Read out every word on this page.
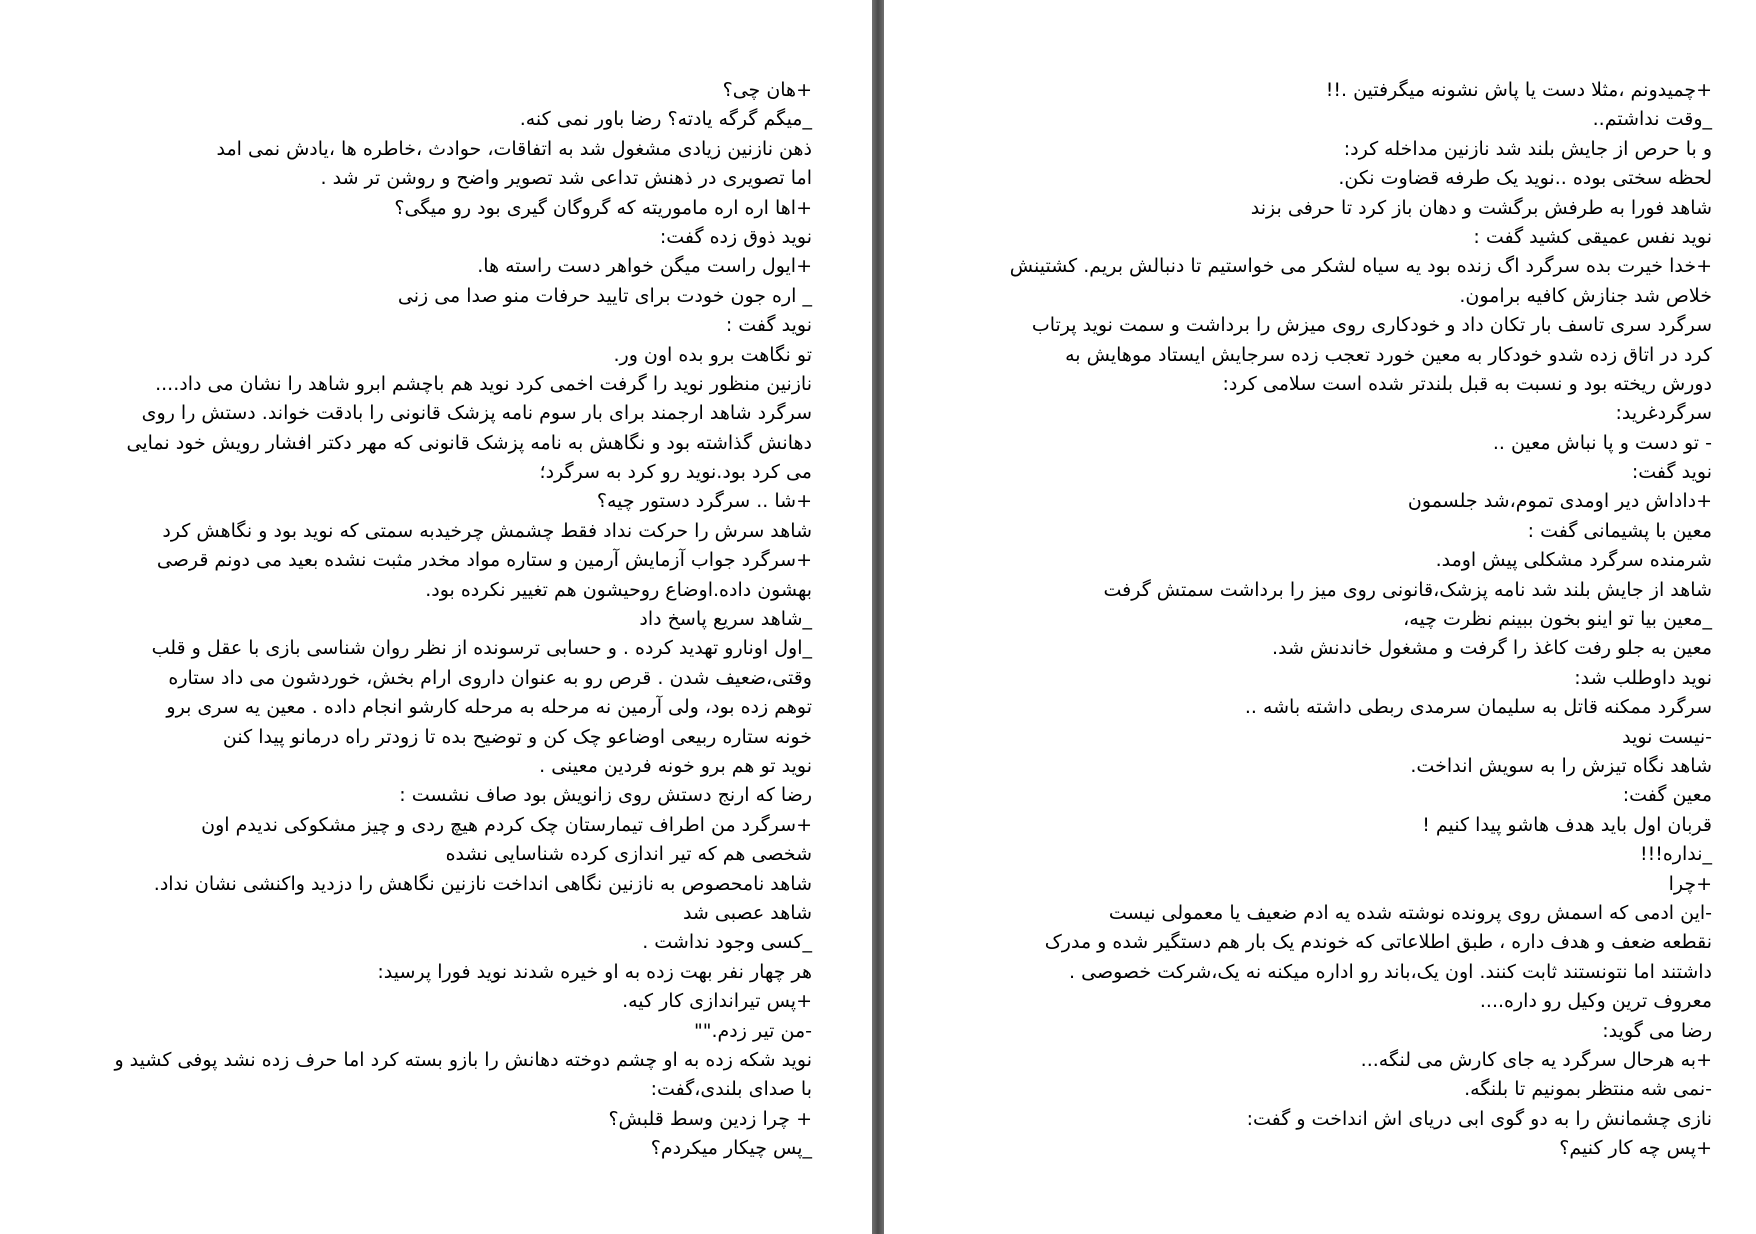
+هان چی؟
_میگم گرگه یادته؟ رضا باور نمی کنه.
ذهن نازنین زیادی مشغول شد به اتفاقات، حوادث ،خاطره ها ،یادش نمی امد
اما تصویری در ذهنش تداعی شد تصویر واضح و روشن تر شد .
+اها اره اره ماموریته که گروگان گیری بود رو میگی؟
نوید ذوق زده گفت:
+ایول راست میگن خواهر دست راسته ها.
_ اره جون خودت برای تایید حرفات منو صدا می زنی
نوید گفت :
تو نگاهت برو بده اون ور.
نازنین منظور نوید را گرفت اخمی کرد نوید هم باچشم ابرو شاهد را نشان می داد....
سرگرد شاهد ارجمند برای بار سوم نامه پزشک قانونی را بادقت خواند. دستش را روی
دهانش گذاشته بود و نگاهش به نامه پزشک قانونی که مهر دکتر افشار رویش خود نمایی
می کرد بود.نوید رو کرد به سرگرد؛
+شا .. سرگرد دستور چیه؟
شاهد سرش را حرکت نداد فقط چشمش چرخیدبه سمتی که نوید بود و نگاهش کرد
+سرگرد جواب آزمایش آرمین و ستاره مواد مخدر مثبت نشده بعید می دونم قرصی
بهشون داده.اوضاع روحیشون هم تغییر نکرده بود.
_شاهد سریع پاسخ داد
_اول اونارو تهدید کرده . و حسابی ترسونده از نظر روان شناسی بازی با عقل و قلب
وقتی،ضعیف شدن . قرص رو به عنوان داروی ارام بخش، خوردشون می داد ستاره
توهم زده بود، ولی آرمین نه مرحله به مرحله کارشو انجام داده . معین یه سری برو
خونه ستاره ربیعی اوضاعو چک کن و توضیح بده تا زودتر راه درمانو پیدا کنن
نوید تو هم برو خونه فردین معینی .
رضا که ارنج دستش روی زانویش بود صاف نشست :
+سرگرد من اطراف تیمارستان چک کردم هیچ ردی و چیز مشکوکی ندیدم اون
شخصی هم که تیر اندازی کرده شناسایی نشده
شاهد نامحصوص به نازنین نگاهی انداخت نازنین نگاهش را دزدید واکنشی نشان نداد.
شاهد عصبی شد
_کسی وجود نداشت .
هر چهار نفر بهت زده به او خیره شدند نوید فورا پرسید:
+پس تیراندازی کار کیه.
-من تیر زدم.""
نوید شکه زده به او چشم دوخته دهانش را بازو بسته کرد اما حرف زده نشد پوفی کشید و
با صدای بلندی،گفت:
+ چرا زدین وسط قلبش؟
_پس چیکار میکردم؟
+چمیدونم ،مثلا دست یا پاش نشونه میگرفتین .!!
_وقت نداشتم..
و با حرص از جایش بلند شد نازنین مداخله کرد:
لحظه سختی بوده ..نوید یک طرفه قضاوت نکن.
شاهد فورا به طرفش برگشت و دهان باز کرد تا حرفی بزند
نوید نفس عمیقی کشید گفت :
+خدا خیرت بده سرگرد اگ زنده بود یه سیاه لشکر می خواستیم تا دنبالش بریم. کشتینش
خلاص شد جنازش کافیه برامون.
سرگرد سری تاسف بار تکان داد و خودکاری روی میزش را برداشت و سمت نوید پرتاب
کرد در اتاق زده شدو خودکار به معین خورد تعجب زده سرجایش ایستاد موهایش به
دورش ریخته بود و نسبت به قبل بلندتر شده است سلامی کرد:
سرگردغرید:
- تو دست و پا نباش معین ..
نوید گفت:
+داداش دیر اومدی تموم،شد جلسمون
معین با پشیمانی گفت :
شرمنده سرگرد مشکلی پیش اومد.
شاهد از جایش بلند شد نامه پزشک،قانونی روی میز را برداشت سمتش گرفت
_معین بیا تو اینو بخون ببینم نظرت چیه،
معین به جلو رفت کاغذ را گرفت و مشغول خاندنش شد.
نوید داوطلب شد:
سرگرد ممکنه قاتل به سلیمان سرمدی ربطی داشته باشه ..
-نیست نوید
شاهد نگاه تیزش را به سویش انداخت.
معین گفت:
قربان اول باید هدف هاشو پیدا کنیم !
_نداره!!!
+چرا
-این ادمی که اسمش روی پرونده نوشته شده یه ادم ضعیف یا معمولی نیست
نقطعه ضعف و هدف داره ، طبق اطلاعاتی که خوندم یک بار هم دستگیر شده و مدرک
داشتند اما نتونستند ثابت کنند. اون یک،باند رو اداره میکنه نه یک،شرکت خصوصی .
معروف ترین وکیل رو داره....
رضا می گوید:
+به هرحال سرگرد یه جای کارش می لنگه...
-نمی شه منتظر بمونیم تا بلنگه.
نازی چشمانش را به دو گوی ابی دریای اش انداخت و گفت:
+پس چه کار کنیم؟
